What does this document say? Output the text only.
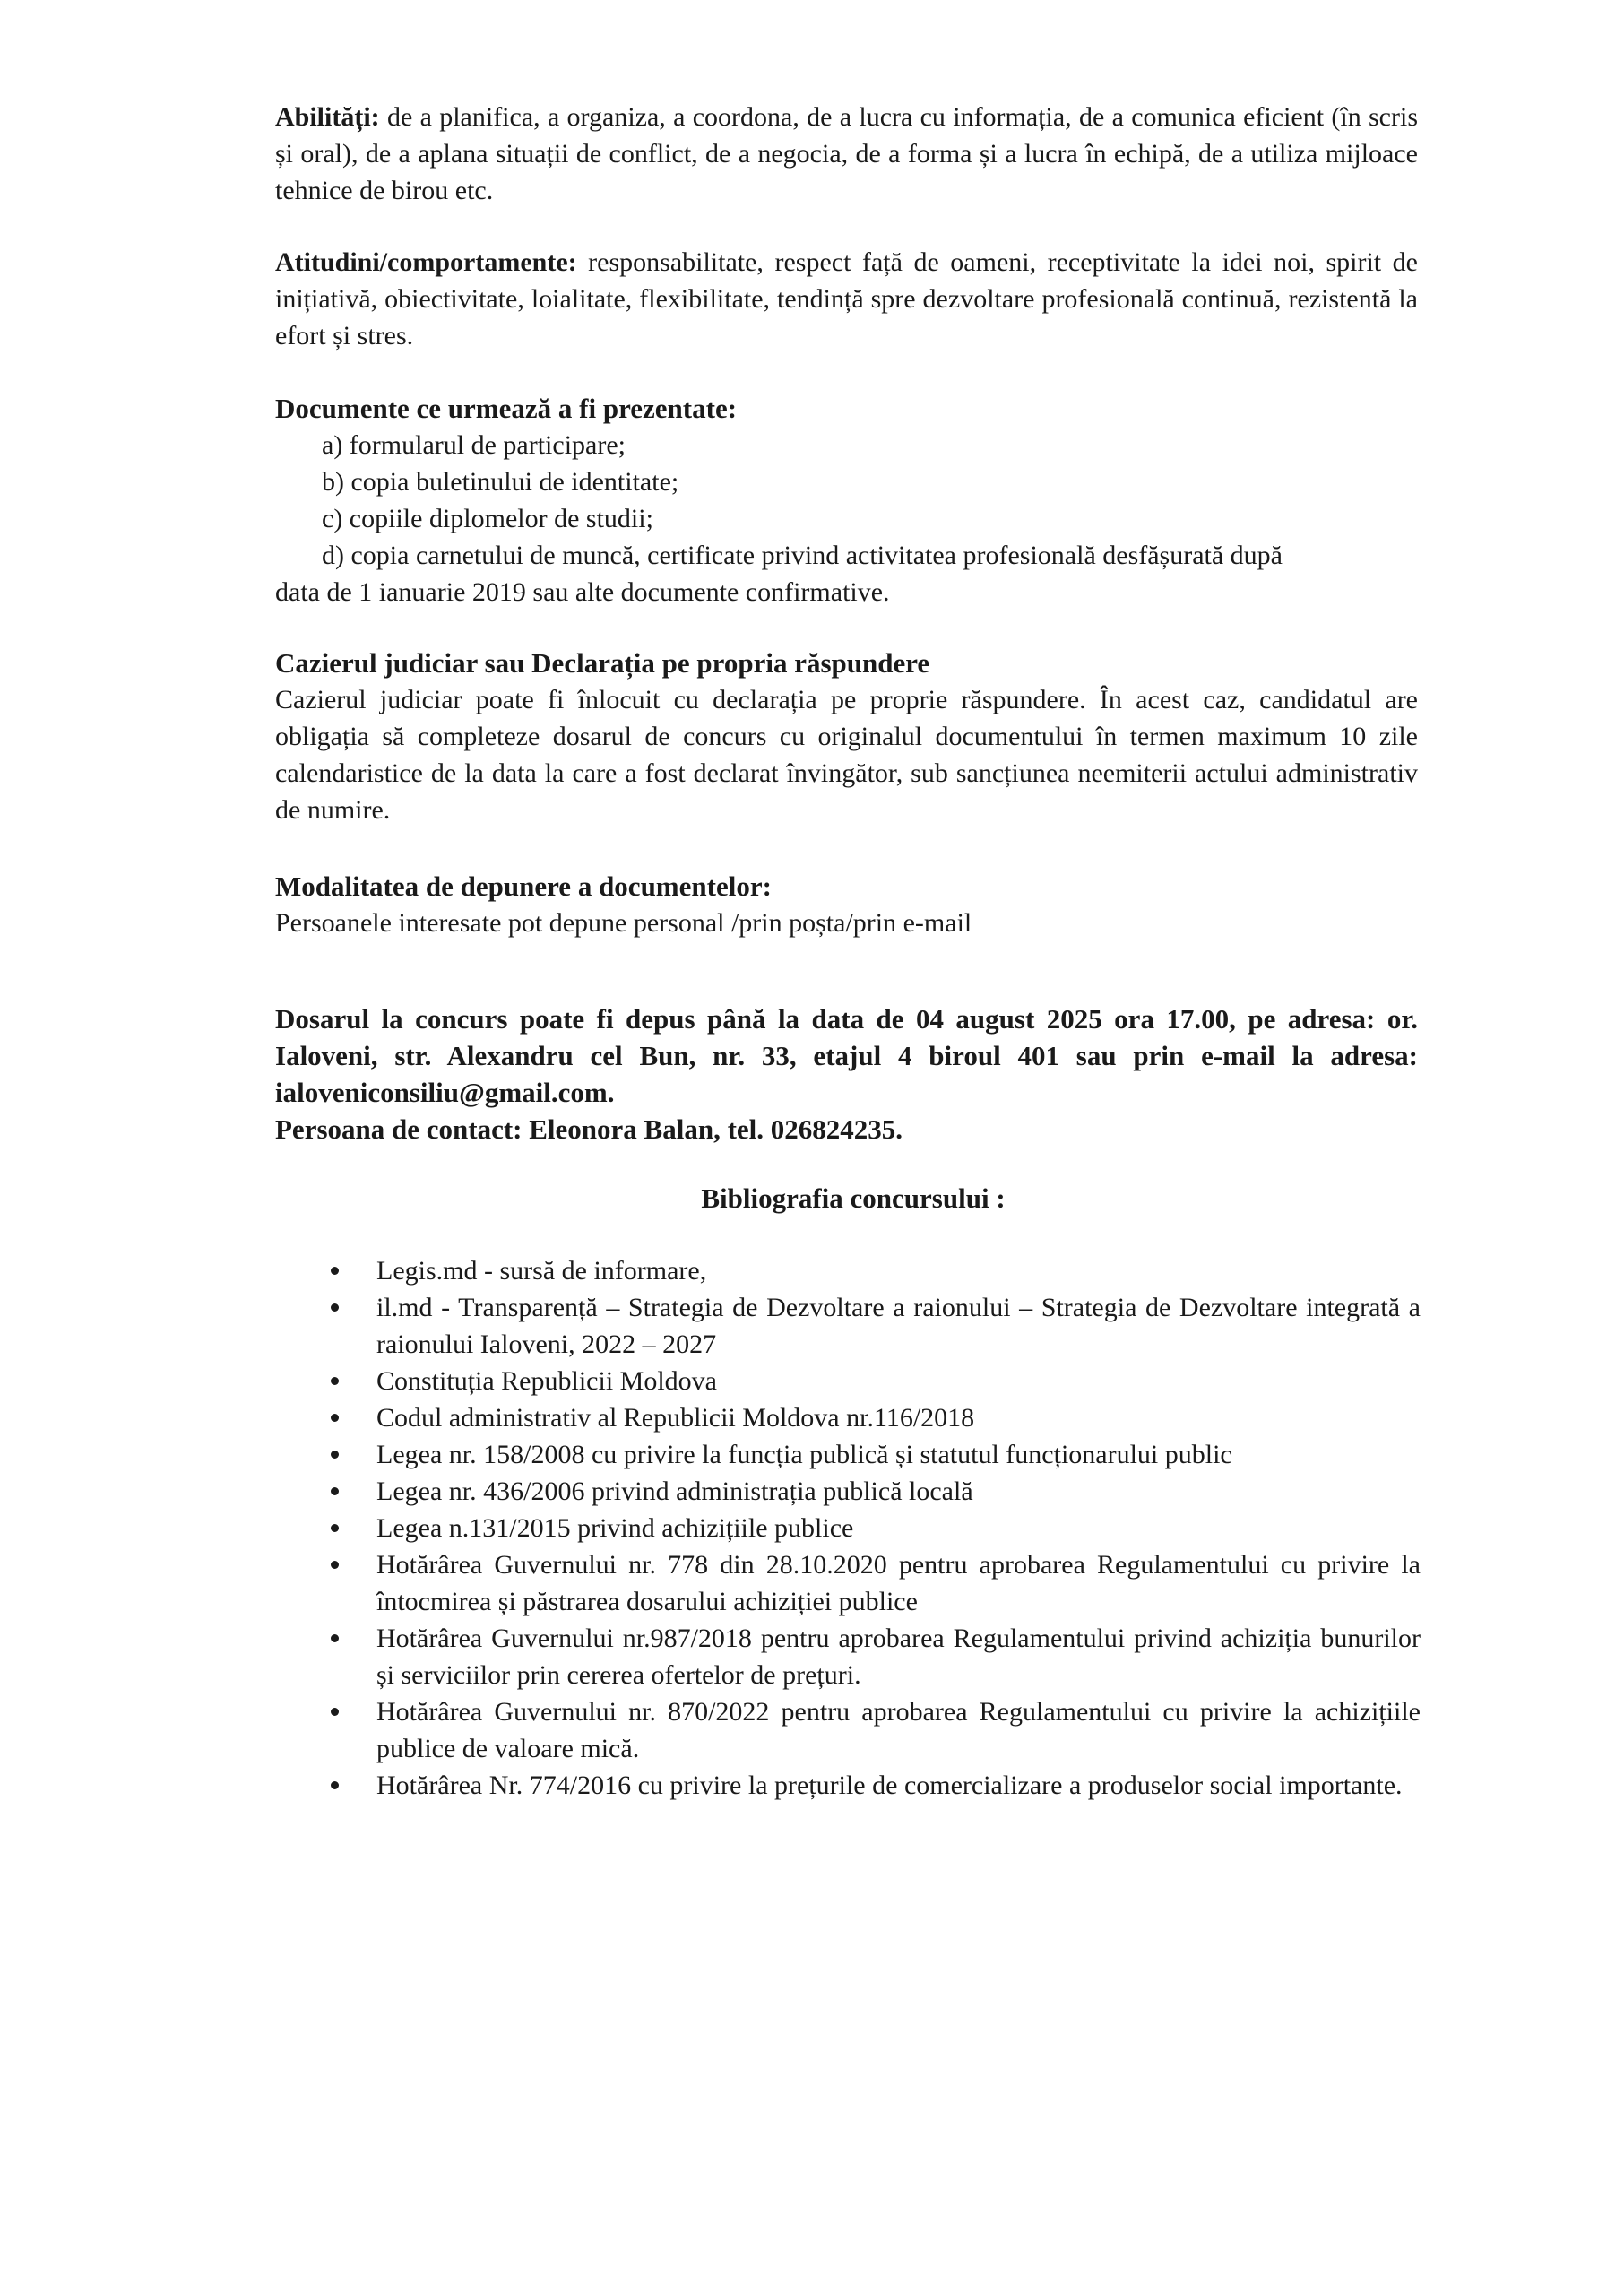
Abilități: de a planifica, a organiza, a coordona, de a lucra cu informația, de a comunica eficient (în scris și oral), de a aplana situații de conflict, de a negocia, de a forma și a lucra în echipă, de a utiliza mijloace tehnice de birou etc.

Atitudini/comportamente: responsabilitate, respect față de oameni, receptivitate la idei noi, spirit de inițiativă, obiectivitate, loialitate, flexibilitate, tendință spre dezvoltare profesională continuă, rezistentă la efort și stres.

Documente ce urmează a fi prezentate:
a) formularul de participare;
b) copia buletinului de identitate;
c) copiile diplomelor de studii;
d) copia carnetului de muncă, certificate privind activitatea profesională desfășurată după
data de 1 ianuarie 2019 sau alte documente confirmative.
Cazierul judiciar sau Declarația pe propria răspundere

Cazierul judiciar poate fi înlocuit cu declarația pe proprie răspundere. În acest caz, candidatul are obligația să completeze dosarul de concurs cu originalul documentului în termen maximum 10 zile calendaristice de la data la care a fost declarat învingător, sub sancțiunea neemiterii actului administrativ de numire.

Modalitatea de depunere a documentelor:

Persoanele interesate pot depune personal /prin poșta/prin e-mail

Dosarul la concurs poate fi depus până la data de 04 august 2025 ora 17.00, pe adresa: or. Ialoveni, str. Alexandru cel Bun, nr. 33, etajul 4 biroul 401 sau prin e-mail la adresa: ialoveniconsiliu@gmail.com.

Persoana de contact: Eleonora Balan, tel. 026824235.

Bibliografia concursului :
Legis.md - sursă de informare,
il.md - Transparență – Strategia de Dezvoltare a raionului – Strategia de Dezvoltare integrată a raionului Ialoveni, 2022 – 2027
Constituția Republicii Moldova
Codul administrativ al Republicii Moldova nr.116/2018
Legea nr. 158/2008 cu privire la funcția publică și statutul funcționarului public
Legea nr. 436/2006 privind administrația publică locală
Legea n.131/2015 privind achizițiile publice
Hotărârea Guvernului nr. 778 din 28.10.2020 pentru aprobarea Regulamentului cu privire la întocmirea și păstrarea dosarului achiziției publice
Hotărârea Guvernului nr.987/2018 pentru aprobarea Regulamentului privind achiziția bunurilor și serviciilor prin cererea ofertelor de prețuri.
Hotărârea Guvernului nr. 870/2022 pentru aprobarea Regulamentului cu privire la achizițiile publice de valoare mică.
Hotărârea Nr. 774/2016 cu privire la prețurile de comercializare a produselor social importante.
